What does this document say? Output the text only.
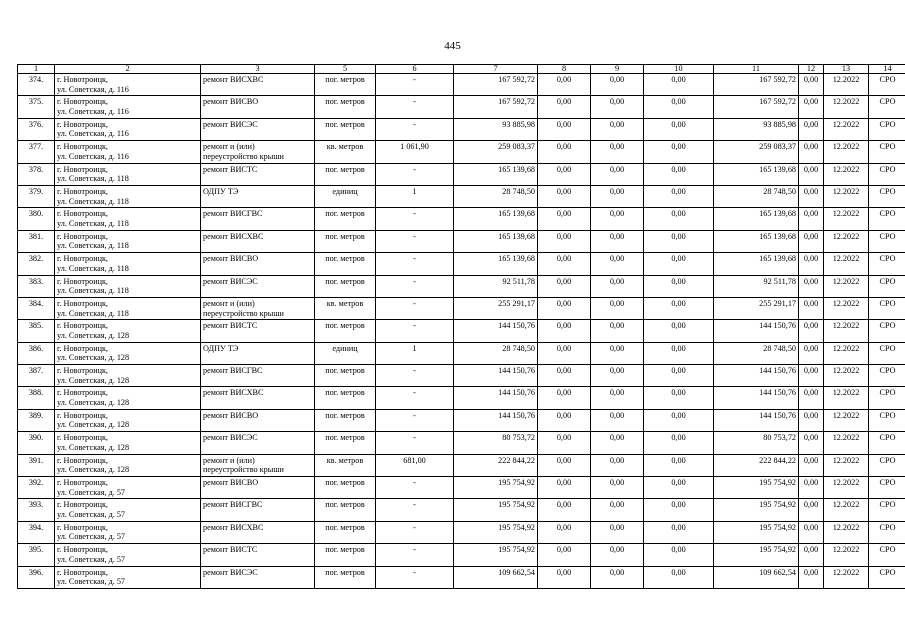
445
1	2	3	5	6	7	8	9	10	11	12	13	14
374.	г. Новотроицк,
ул. Советская, д. 116	ремонт ВИСХВС	пог. метров	-	167 592,72	0,00	0,00	0,00	167 592,72	0,00	12.2022	СРО
375.	г. Новотроицк,
ул. Советская, д. 116	ремонт ВИСВО	пог. метров	-	167 592,72	0,00	0,00	0,00	167 592,72	0,00	12.2022	СРО
376.	г. Новотроицк,
ул. Советская, д. 116	ремонт ВИСЭС	пог. метров	-	93 885,98	0,00	0,00	0,00	93 885,98	0,00	12.2022	СРО
377.	г. Новотроицк,
ул. Советская, д. 116	ремонт и (или)
переустройство крыши	кв. метров	1 061,90	259 083,37	0,00	0,00	0,00	259 083,37	0,00	12.2022	СРО
378.	г. Новотроицк,
ул. Советская, д. 118	ремонт ВИСТС	пог. метров	-	165 139,68	0,00	0,00	0,00	165 139,68	0,00	12.2022	СРО
379.	г. Новотроицк,
ул. Советская, д. 118	ОДПУ ТЭ	единиц	1	28 748,50	0,00	0,00	0,00	28 748,50	0,00	12.2022	СРО
380.	г. Новотроицк,
ул. Советская, д. 118	ремонт ВИСГВС	пог. метров	-	165 139,68	0,00	0,00	0,00	165 139,68	0,00	12.2022	СРО
381.	г. Новотроицк,
ул. Советская, д. 118	ремонт ВИСХВС	пог. метров	-	165 139,68	0,00	0,00	0,00	165 139,68	0,00	12.2022	СРО
382.	г. Новотроицк,
ул. Советская, д. 118	ремонт ВИСВО	пог. метров	-	165 139,68	0,00	0,00	0,00	165 139,68	0,00	12.2022	СРО
383.	г. Новотроицк,
ул. Советская, д. 118	ремонт ВИСЭС	пог. метров	-	92 511,78	0,00	0,00	0,00	92 511,78	0,00	12.2022	СРО
384.	г. Новотроицк,
ул. Советская, д. 118	ремонт и (или)
переустройство крыши	кв. метров	-	255 291,17	0,00	0,00	0,00	255 291,17	0,00	12.2022	СРО
385.	г. Новотроицк,
ул. Советская, д. 128	ремонт ВИСТС	пог. метров	-	144 150,76	0,00	0,00	0,00	144 150,76	0,00	12.2022	СРО
386.	г. Новотроицк,
ул. Советская, д. 128	ОДПУ ТЭ	единиц	1	28 748,50	0,00	0,00	0,00	28 748,50	0,00	12.2022	СРО
387.	г. Новотроицк,
ул. Советская, д. 128	ремонт ВИСГВС	пог. метров	-	144 150,76	0,00	0,00	0,00	144 150,76	0,00	12.2022	СРО
388.	г. Новотроицк,
ул. Советская, д. 128	ремонт ВИСХВС	пог. метров	-	144 150,76	0,00	0,00	0,00	144 150,76	0,00	12.2022	СРО
389.	г. Новотроицк,
ул. Советская, д. 128	ремонт ВИСВО	пог. метров	-	144 150,76	0,00	0,00	0,00	144 150,76	0,00	12.2022	СРО
390.	г. Новотроицк,
ул. Советская, д. 128	ремонт ВИСЭС	пог. метров	-	80 753,72	0,00	0,00	0,00	80 753,72	0,00	12.2022	СРО
391.	г. Новотроицк,
ул. Советская, д. 128	ремонт и (или)
переустройство крыши	кв. метров	681,00	222 844,22	0,00	0,00	0,00	222 844,22	0,00	12.2022	СРО
392.	г. Новотроицк,
ул. Советская, д. 57	ремонт ВИСВО	пог. метров	-	195 754,92	0,00	0,00	0,00	195 754,92	0,00	12.2022	СРО
393.	г. Новотроицк,
ул. Советская, д. 57	ремонт ВИСГВС	пог. метров	-	195 754,92	0,00	0,00	0,00	195 754,92	0,00	12.2022	СРО
394.	г. Новотроицк,
ул. Советская, д. 57	ремонт ВИСХВС	пог. метров	-	195 754,92	0,00	0,00	0,00	195 754,92	0,00	12.2022	СРО
395.	г. Новотроицк,
ул. Советская, д. 57	ремонт ВИСТС	пог. метров	-	195 754,92	0,00	0,00	0,00	195 754,92	0,00	12.2022	СРО
396.	г. Новотроицк,
ул. Советская, д. 57	ремонт ВИСЭС	пог. метров	-	109 662,54	0,00	0,00	0,00	109 662,54	0,00	12.2022	СРО
